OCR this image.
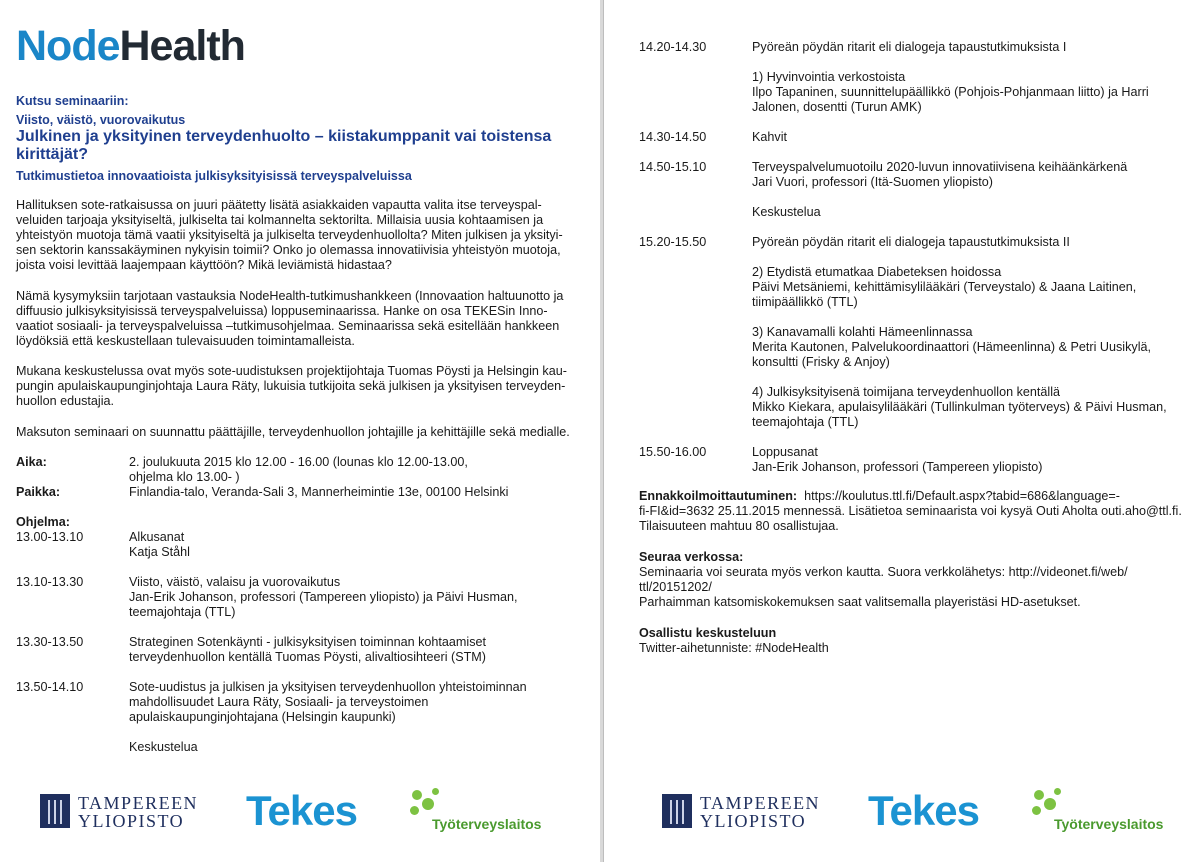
NodeHealth
Kutsu seminaariin:
Viisto, väistö, vuorovaikutus
Julkinen ja yksityinen terveydenhuolto – kiistakumppanit vai toistensa kirittäjät?
Tutkimustietoa innovaatioista julkisyksityisissä terveyspalveluissa

Hallituksen sote-ratkaisussa on juuri päätetty lisätä asiakkaiden vapautta valita itse terveyspal-veluiden tarjoaja yksityiseltä, julkiselta tai kolmannelta sektorilta. Millaisia uusia kohtaamisen ja yhteistyön muotoja tämä vaatii yksityiseltä ja julkiselta terveydenhuollolta? Miten julkisen ja yksityi-sen sektorin kanssakäyminen nykyisin toimii? Onko jo olemassa innovatiivisia yhteistyön muotoja, joista voisi levittää laajempaan käyttöön? Mikä leviämistä hidastaa?

Nämä kysymyksiin tarjotaan vastauksia NodeHealth-tutkimushankkeen (Innovaation haltuunotto ja diffuusio julkisyksityisissä terveyspalveluissa) loppuseminaarissa. Hanke on osa TEKESin Inno-vaatiot sosiaali- ja terveyspalveluissa –tutkimusohjelmaa. Seminaarissa sekä esitellään hankkeen löydöksiä että keskustellaan tulevaisuuden toimintamalleista.

Mukana keskustelussa ovat myös sote-uudistuksen projektijohtaja Tuomas Pöysti ja Helsingin kau-pungin apulaiskaupunginjohtaja Laura Räty, lukuisia tutkijoita sekä julkisen ja yksityisen terveyden-huollon edustajia.

Maksuton seminaari on suunnattu päättäjille, terveydenhuollon johtajille ja kehittäjille sekä medialle.

Aika:	2. joulukuuta 2015 klo 12.00 - 16.00 (lounas klo 12.00-13.00, ohjelma klo 13.00- )
Paikka:	Finlandia-talo, Veranda-Sali 3, Mannerheimintie 13e, 00100 Helsinki
Ohjelma:
13.00-13.10	Alkusanat
Katja Ståhl
13.10-13.30	Viisto, väistö, valaisu ja vuorovaikutus
Jan-Erik Johanson, professori (Tampereen yliopisto) ja Päivi Husman,
teemajohtaja (TTL)
13.30-13.50	Strateginen Sotenkäynti - julkisyksityisen toiminnan kohtaamiset
terveydenhuollon kentällä Tuomas Pöysti, alivaltiosihteeri (STM)
13.50-14.10	Sote-uudistus ja julkisen ja yksityisen terveydenhuollon yhteistoiminnan
mahdollisuudet Laura Räty, Sosiaali- ja terveystoimen
apulaiskaupunginjohtajana (Helsingin kaupunki)
Keskustelua
TAMPEREEN
YLIOPISTO	Tekes	Työterveyslaitos
14.20-14.30	Pyöreän pöydän ritarit eli dialogeja tapaustutkimuksista I
1) Hyvinvointia verkostoista
Ilpo Tapaninen, suunnittelupäällikkö (Pohjois-Pohjanmaan liitto) ja Harri
Jalonen, dosentti (Turun AMK)
14.30-14.50	Kahvit
14.50-15.10	Terveyspalvelumuotoilu 2020-luvun innovatiivisena keihäänkärkenä
Jari Vuori, professori (Itä-Suomen yliopisto)
Keskustelua
15.20-15.50	Pyöreän pöydän ritarit eli dialogeja tapaustutkimuksista II
2) Etydistä etumatkaa Diabeteksen hoidossa
Päivi Metsäniemi, kehittämisylilääkäri (Terveystalo) & Jaana Laitinen,
tiimipäällikkö (TTL)
3) Kanavamalli kolahti Hämeenlinnassa
Merita Kautonen, Palvelukoordinaattori (Hämeenlinna) & Petri Uusikylä,
konsultti (Frisky & Anjoy)
4) Julkisyksityisenä toimijana terveydenhuollon kentällä
Mikko Kiekara, apulaisylilääkäri (Tullinkulman työterveys) & Päivi Husman,
teemajohtaja (TTL)
15.50-16.00	Loppusanat
Jan-Erik Johanson, professori (Tampereen yliopisto)
Ennakkoilmoittautuminen: https://koulutus.ttl.fi/Default.aspx?tabid=686&language=-
fi-FI&id=3632 25.11.2015 mennessä. Lisätietoa seminaarista voi kysyä Outi Aholta outi.aho@ttl.fi.
Tilaisuuteen mahtuu 80 osallistujaa.
Seuraa verkossa:
Seminaaria voi seurata myös verkon kautta. Suora verkkolähetys: http://videonet.fi/web/
ttl/20151202/
Parhaimman katsomiskokemuksen saat valitsemalla playeristäsi HD-asetukset.
Osallistu keskusteluun
Twitter-aihetunniste: #NodeHealth
TAMPEREEN
YLIOPISTO	Tekes	Työterveyslaitos
